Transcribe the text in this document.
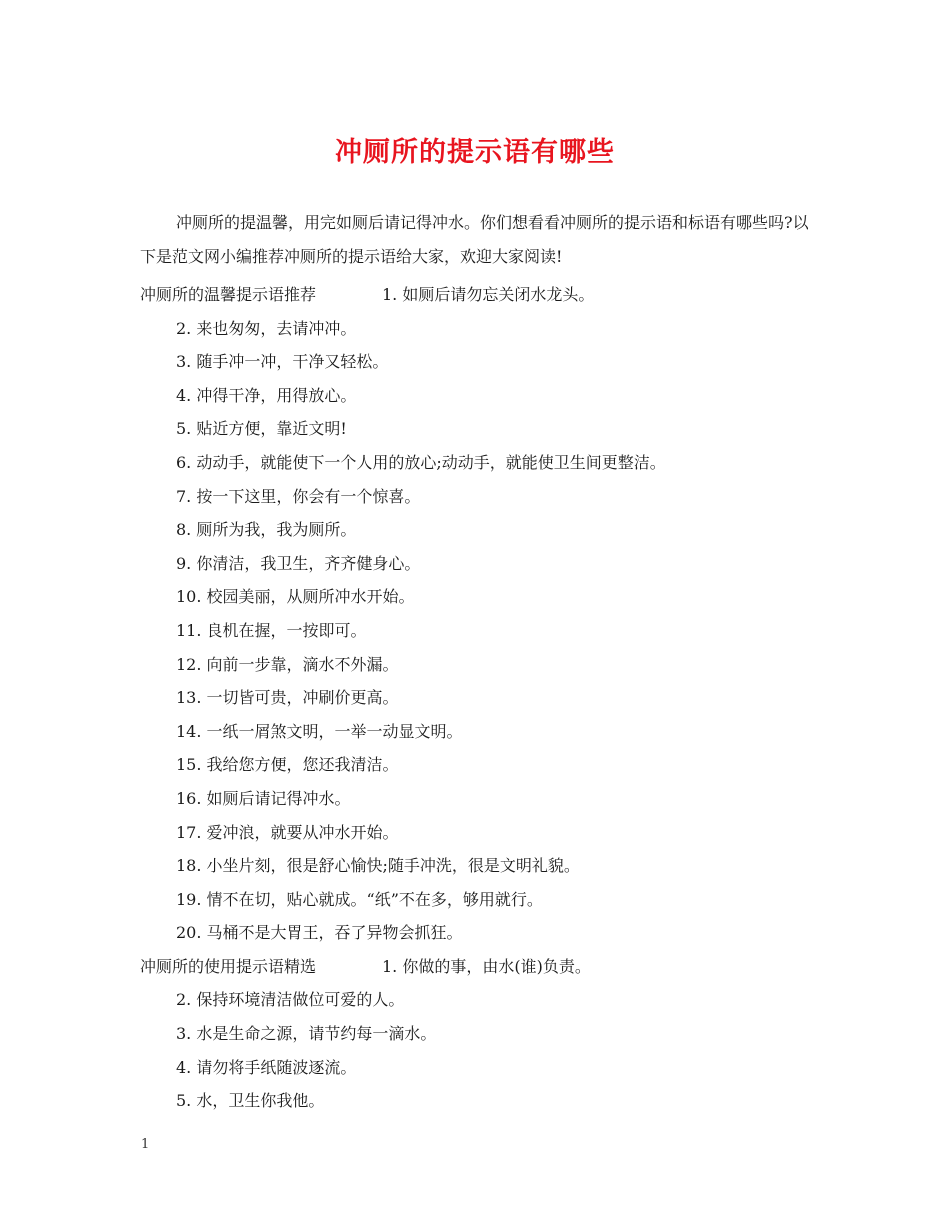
冲厕所的提示语有哪些

冲厕所的提温馨，用完如厕后请记得冲水。你们想看看冲厕所的提示语和标语有哪些吗?以下是范文网小编推荐冲厕所的提示语给大家，欢迎大家阅读!

冲厕所的温馨提示语推荐	1. 如厕后请勿忘关闭水龙头。
2. 来也匆匆，去请冲冲。
3. 随手冲一冲，干净又轻松。
4. 冲得干净，用得放心。
5. 贴近方便，靠近文明!
6. 动动手，就能使下一个人用的放心;动动手，就能使卫生间更整洁。
7. 按一下这里，你会有一个惊喜。
8. 厕所为我，我为厕所。
9. 你清洁，我卫生，齐齐健身心。
10. 校园美丽，从厕所冲水开始。
11. 良机在握，一按即可。
12. 向前一步靠，滴水不外漏。
13. 一切皆可贵，冲刷价更高。
14. 一纸一屑煞文明，一举一动显文明。
15. 我给您方便，您还我清洁。
16. 如厕后请记得冲水。
17. 爱冲浪，就要从冲水开始。
18. 小坐片刻，很是舒心愉快;随手冲洗，很是文明礼貌。
19. 情不在切，贴心就成。“纸”不在多，够用就行。
20. 马桶不是大胃王，吞了异物会抓狂。
冲厕所的使用提示语精选	1. 你做的事，由水(谁)负责。
2. 保持环境清洁做位可爱的人。
3. 水是生命之源，请节约每一滴水。
4. 请勿将手纸随波逐流。
5. 水，卫生你我他。
1
